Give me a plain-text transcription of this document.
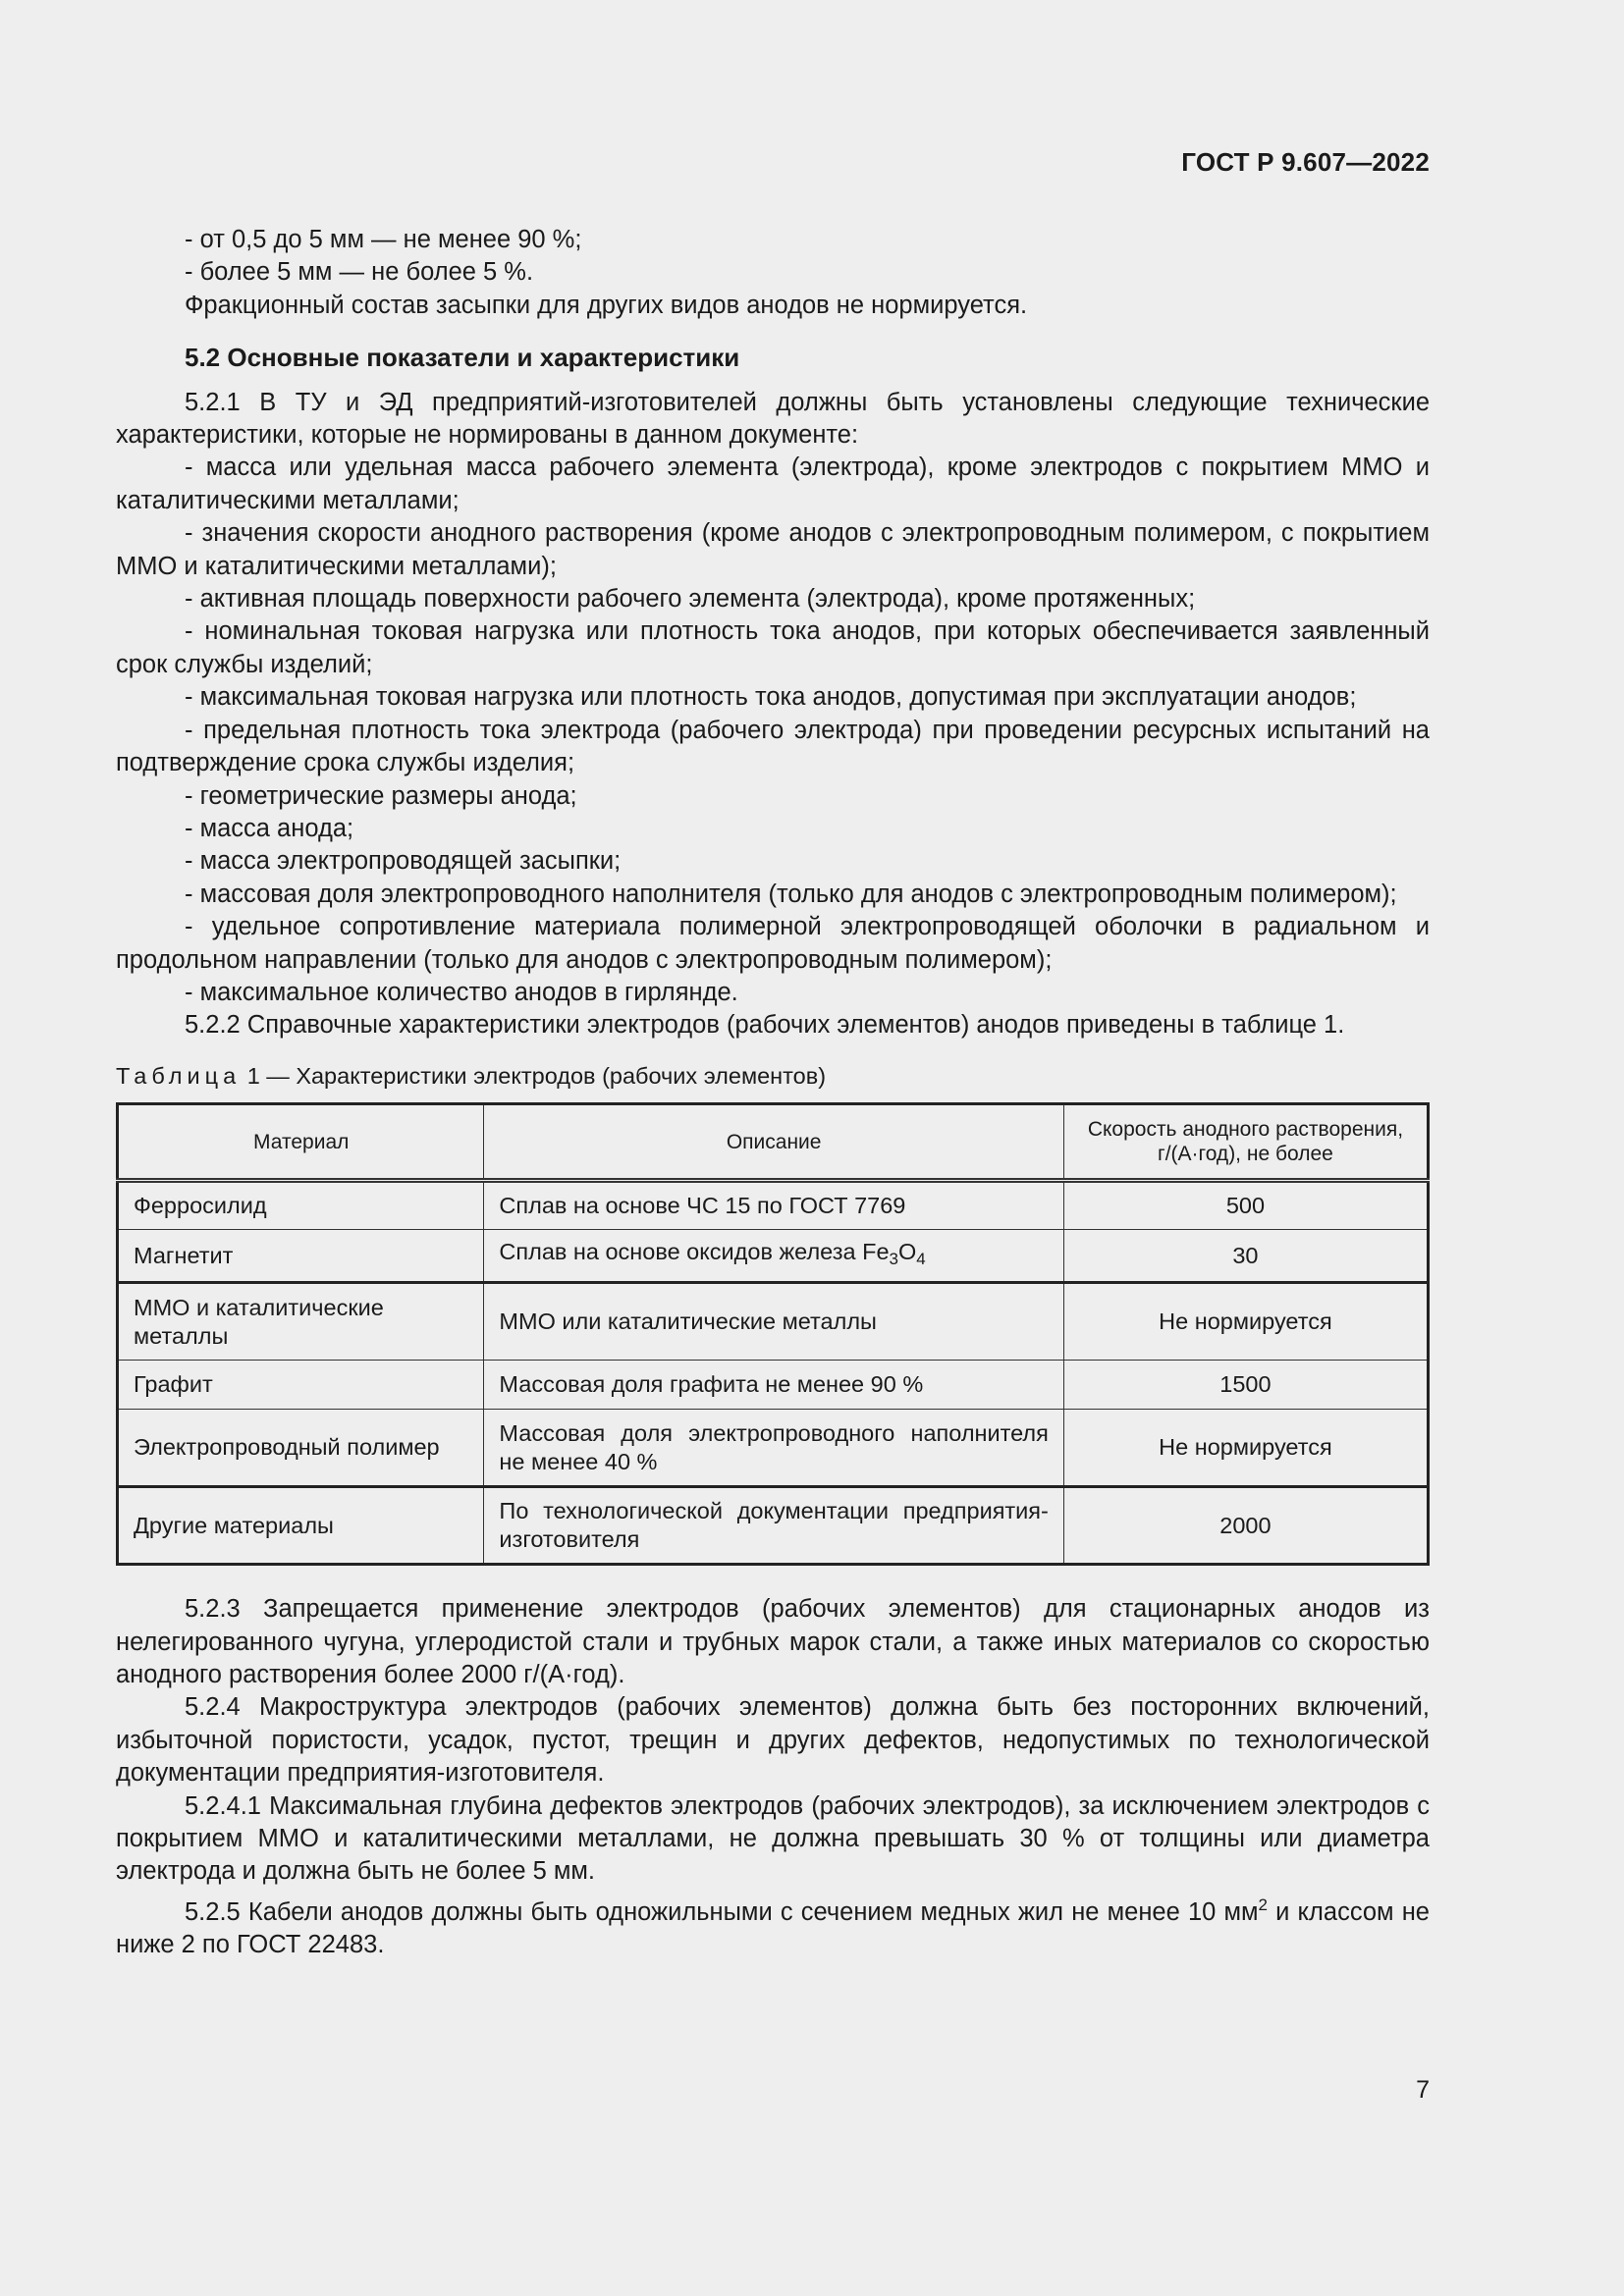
ГОСТ Р 9.607—2022

- от 0,5 до 5 мм — не менее 90 %;

- более 5 мм — не более 5 %.

Фракционный состав засыпки для других видов анодов не нормируется.

5.2 Основные показатели и характеристики

5.2.1 В ТУ и ЭД предприятий-изготовителей должны быть установлены следующие технические характеристики, которые не нормированы в данном документе:

- масса или удельная масса рабочего элемента (электрода), кроме электродов с покрытием ММО и каталитическими металлами;

- значения скорости анодного растворения (кроме анодов с электропроводным полимером, с покрытием ММО и каталитическими металлами);

- активная площадь поверхности рабочего элемента (электрода), кроме протяженных;

- номинальная токовая нагрузка или плотность тока анодов, при которых обеспечивается заявленный срок службы изделий;

- максимальная токовая нагрузка или плотность тока анодов, допустимая при эксплуатации анодов;

- предельная плотность тока электрода (рабочего электрода) при проведении ресурсных испытаний на подтверждение срока службы изделия;

- геометрические размеры анода;

- масса анода;

- масса электропроводящей засыпки;

- массовая доля электропроводного наполнителя (только для анодов с электропроводным полимером);

- удельное сопротивление материала полимерной электропроводящей оболочки в радиальном и продольном направлении (только для анодов с электропроводным полимером);

- максимальное количество анодов в гирлянде.

5.2.2 Справочные характеристики электродов (рабочих элементов) анодов приведены в таблице 1.

Таблица 1 — Характеристики электродов (рабочих элементов)
Материал	Описание	Скорость анодного растворения, г/(А·год), не более
Ферросилид	Сплав на основе ЧС 15 по ГОСТ 7769	500
Магнетит	Сплав на основе оксидов железа $Fe_3O_4$	30
ММО и каталитические металлы	ММО или каталитические металлы	Не нормируется
Графит	Массовая доля графита не менее 90 %	1500
Электропроводный полимер	Массовая доля электропроводного наполнителя не менее 40 %	Не нормируется
Другие материалы	По технологической документации предприятия-изготовителя	2000

5.2.3 Запрещается применение электродов (рабочих элементов) для стационарных анодов из нелегированного чугуна, углеродистой стали и трубных марок стали, а также иных материалов со скоростью анодного растворения более 2000 г/(А·год).

5.2.4 Макроструктура электродов (рабочих элементов) должна быть без посторонних включений, избыточной пористости, усадок, пустот, трещин и других дефектов, недопустимых по технологической документации предприятия-изготовителя.

5.2.4.1 Максимальная глубина дефектов электродов (рабочих электродов), за исключением электродов с покрытием ММО и каталитическими металлами, не должна превышать 30 % от толщины или диаметра электрода и должна быть не более 5 мм.

5.2.5 Кабели анодов должны быть одножильными с сечением медных жил не менее 10 $мм^2$ и классом не ниже 2 по ГОСТ 22483.

7
